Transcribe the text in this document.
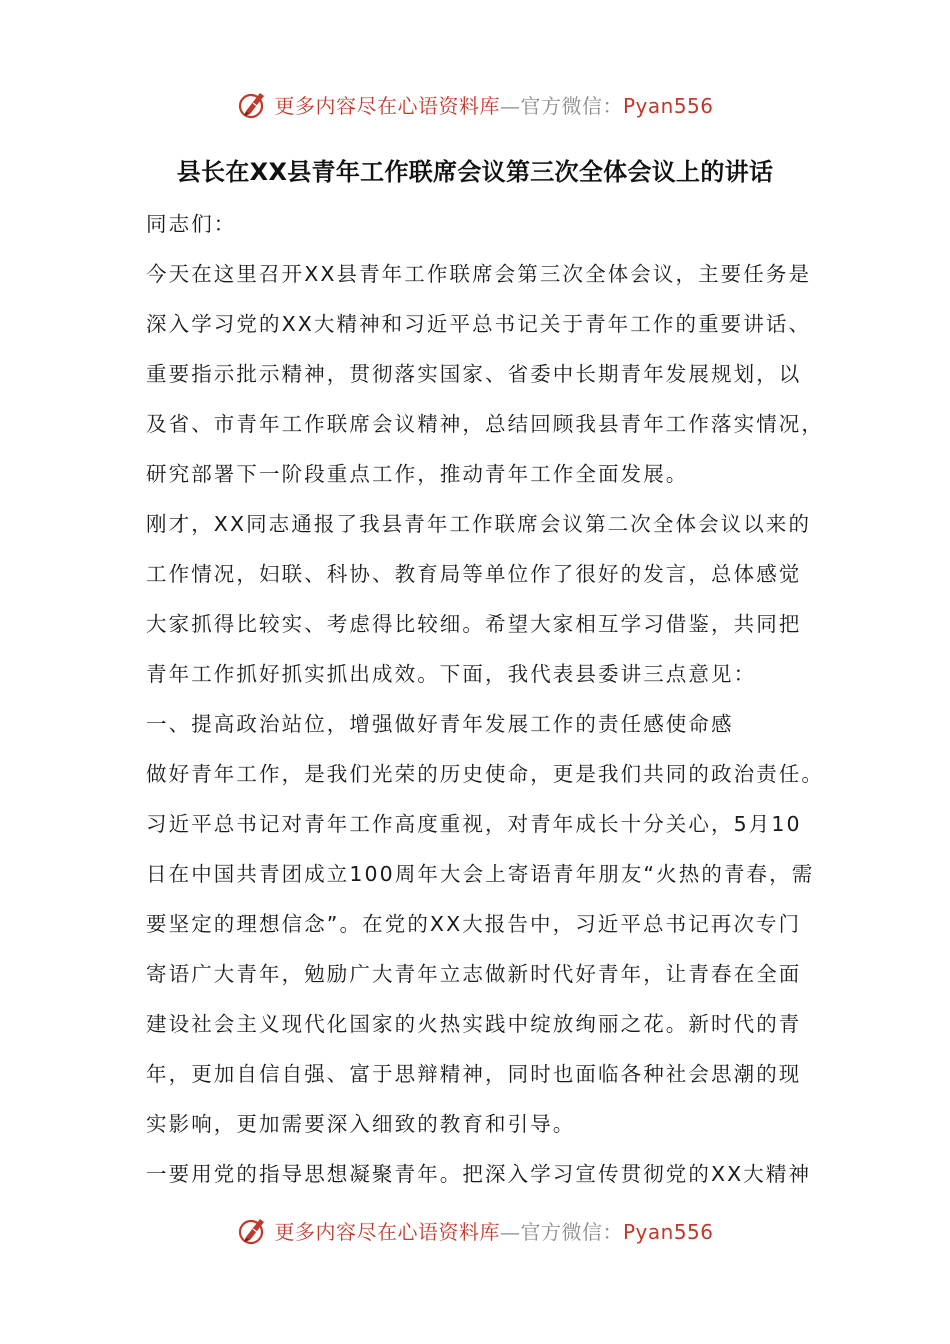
更多内容尽在心语资料库—官方微信：Pyan556
县长在XX县青年工作联席会议第三次全体会议上的讲话

同志们：

今天在这里召开XX县青年工作联席会第三次全体会议，主要任务是

深入学习党的XX大精神和习近平总书记关于青年工作的重要讲话、

重要指示批示精神，贯彻落实国家、省委中长期青年发展规划，以

及省、市青年工作联席会议精神，总结回顾我县青年工作落实情况，

研究部署下一阶段重点工作，推动青年工作全面发展。

刚才，XX同志通报了我县青年工作联席会议第二次全体会议以来的

工作情况，妇联、科协、教育局等单位作了很好的发言，总体感觉

大家抓得比较实、考虑得比较细。希望大家相互学习借鉴，共同把

青年工作抓好抓实抓出成效。下面，我代表县委讲三点意见：

一、提高政治站位，增强做好青年发展工作的责任感使命感

做好青年工作，是我们光荣的历史使命，更是我们共同的政治责任。

习近平总书记对青年工作高度重视，对青年成长十分关心，5月10

日在中国共青团成立100周年大会上寄语青年朋友“火热的青春，需

要坚定的理想信念”。在党的XX大报告中，习近平总书记再次专门

寄语广大青年，勉励广大青年立志做新时代好青年，让青春在全面

建设社会主义现代化国家的火热实践中绽放绚丽之花。新时代的青

年，更加自信自强、富于思辩精神，同时也面临各种社会思潮的现

实影响，更加需要深入细致的教育和引导。

一要用党的指导思想凝聚青年。把深入学习宣传贯彻党的XX大精神

更多内容尽在心语资料库—官方微信：Pyan556
